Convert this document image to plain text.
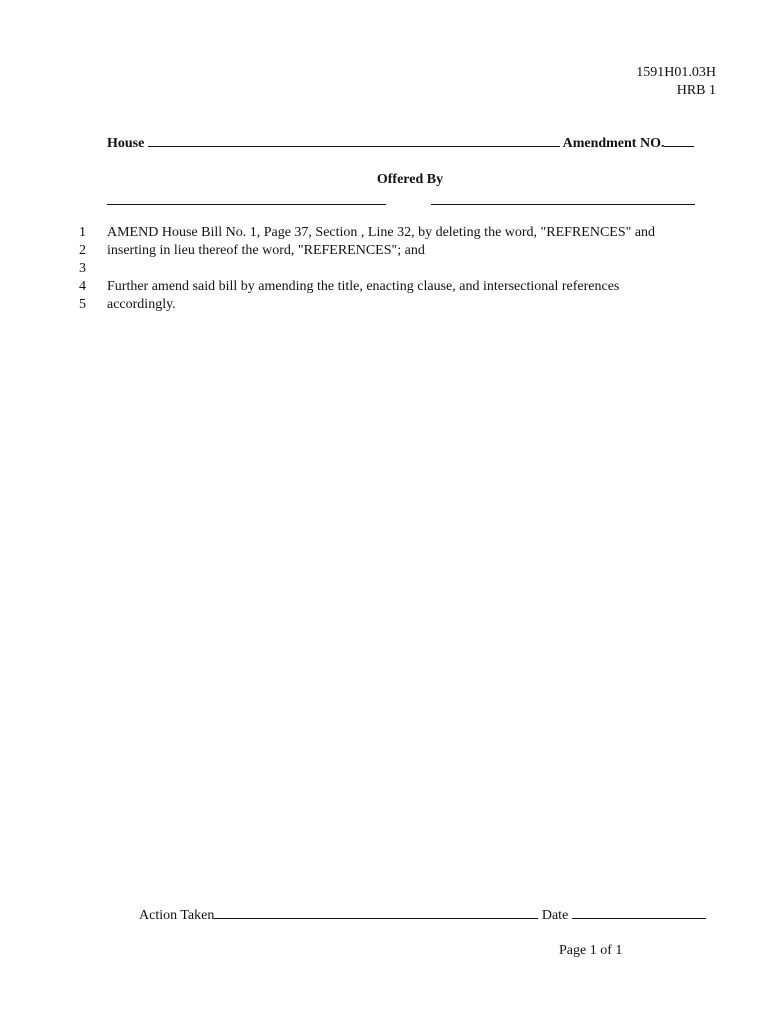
1591H01.03H
HRB 1
House	Amendment NO.
Offered By
1
2
3
4
5
AMEND House Bill No. 1, Page 37, Section , Line 32, by deleting the word, "REFRENCES" and
inserting in lieu thereof the word, "REFERENCES"; and
Further amend said bill by amending the title, enacting clause, and intersectional references
accordingly.
Action Taken	Date
Page 1 of 1
